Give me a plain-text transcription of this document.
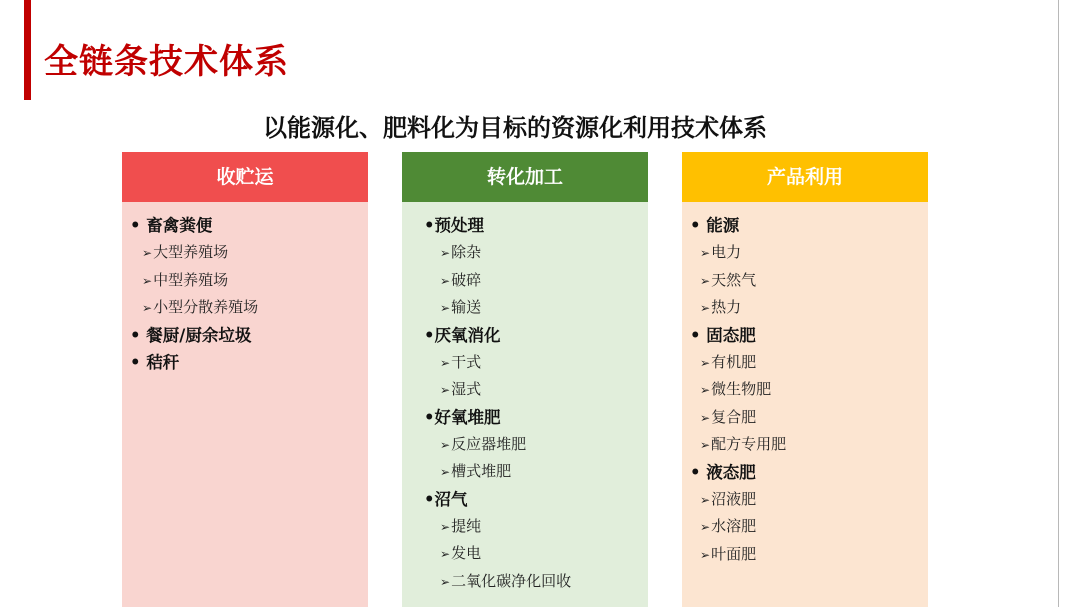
全链条技术体系
以能源化、肥料化为目标的资源化利用技术体系
收贮运
• 畜禽粪便
➢大型养殖场
➢中型养殖场
➢小型分散养殖场
• 餐厨/厨余垃圾
• 秸秆
转化加工
•预处理
➢除杂
➢破碎
➢输送
•厌氧消化
➢干式
➢湿式
•好氧堆肥
➢反应器堆肥
➢槽式堆肥
•沼气
➢提纯
➢发电
➢二氧化碳净化回收
产品利用
• 能源
➢电力
➢天然气
➢热力
• 固态肥
➢有机肥
➢微生物肥
➢复合肥
➢配方专用肥
• 液态肥
➢沼液肥
➢水溶肥
➢叶面肥
